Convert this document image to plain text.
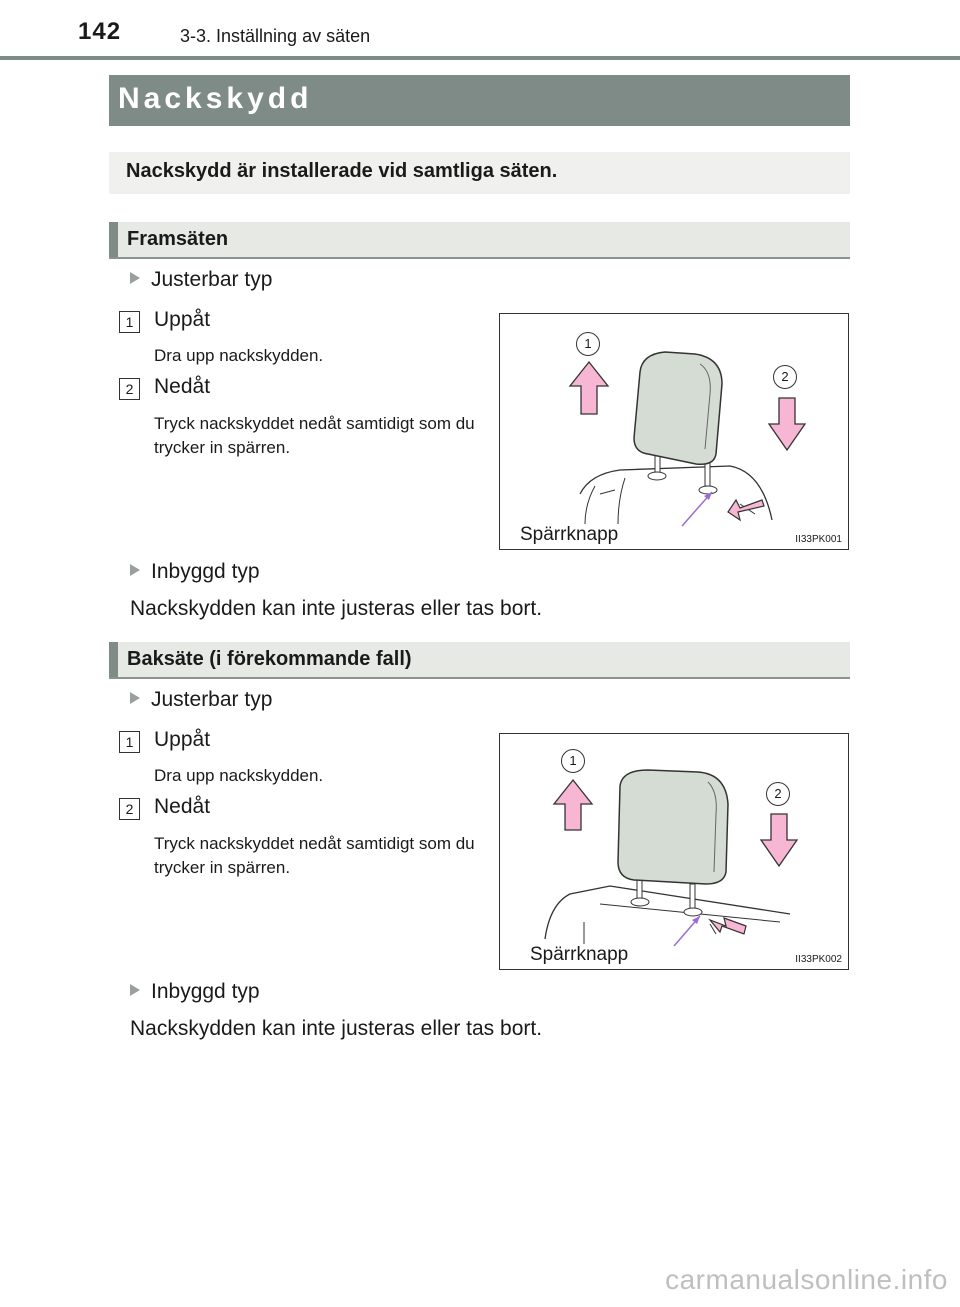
142	3-3. Inställning av säten
Nackskydd
Nackskydd är installerade vid samtliga säten.
Framsäten
Justerbar typ
1 Uppåt
Dra upp nackskydden.
2 Nedåt
Tryck nackskyddet nedåt samtidigt som du trycker in spärren.
1
2
Spärrknapp	II33PK001
Inbyggd typ
Nackskydden kan inte justeras eller tas bort.
Baksäte (i förekommande fall)
Justerbar typ
1 Uppåt
Dra upp nackskydden.
2 Nedåt
Tryck nackskyddet nedåt samtidigt som du trycker in spärren.
1
2
Spärrknapp	II33PK002
Inbyggd typ
Nackskydden kan inte justeras eller tas bort.
carmanualsonline.info
